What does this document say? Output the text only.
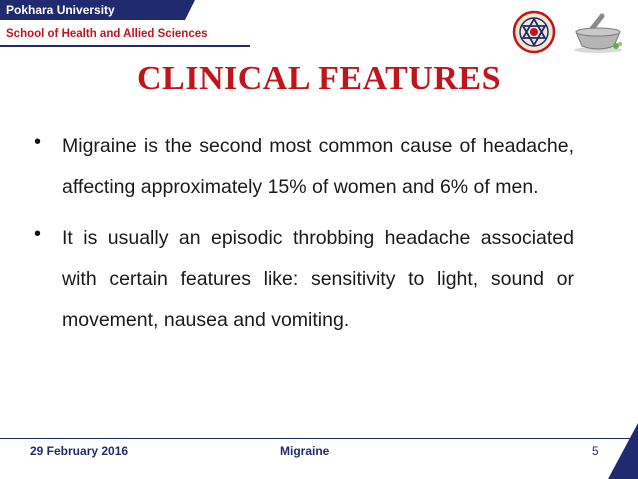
Pokhara University
School of Health and Allied Sciences
CLINICAL FEATURES
• Migraine is the second most common cause of headache, affecting approximately 15% of women and 6% of men.
• It is usually an episodic throbbing headache associated with certain features like: sensitivity to light, sound or movement, nausea and vomiting.
29 February 2016	Migraine	5
